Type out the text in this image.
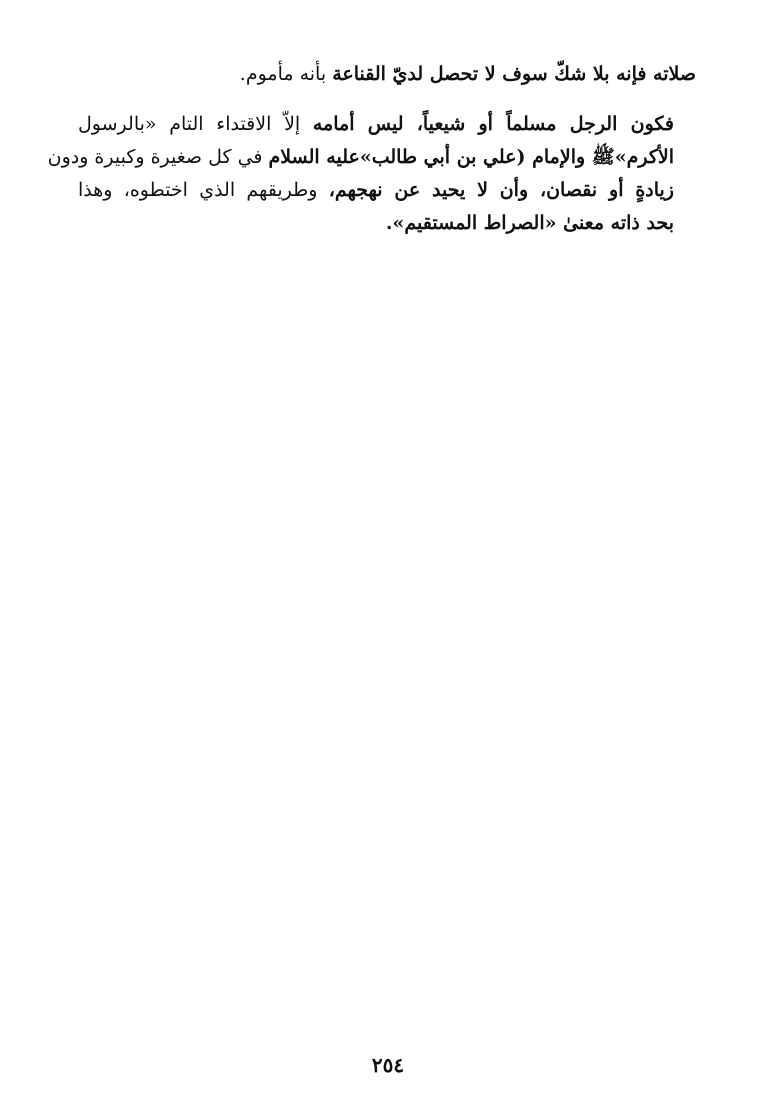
صلاته فإنه بلا شكّ سوف لا تحصل لديّ القناعة بأنه مأموم.
فكون الرجل مسلماً أو شيعياً، ليس أمامه إلاّ الاقتداء التام «بالرسول
الأكرم»ﷺ والإمام (علي بن أبي طالب»عليه السلام في كل صغيرة وكبيرة ودون
زيادةٍ أو نقصان، وأن لا يحيد عن نهجهم، وطريقهم الذي اختطوه، وهذا
بحد ذاته معنىٰ «الصراط المستقيم».
٢٥٤
